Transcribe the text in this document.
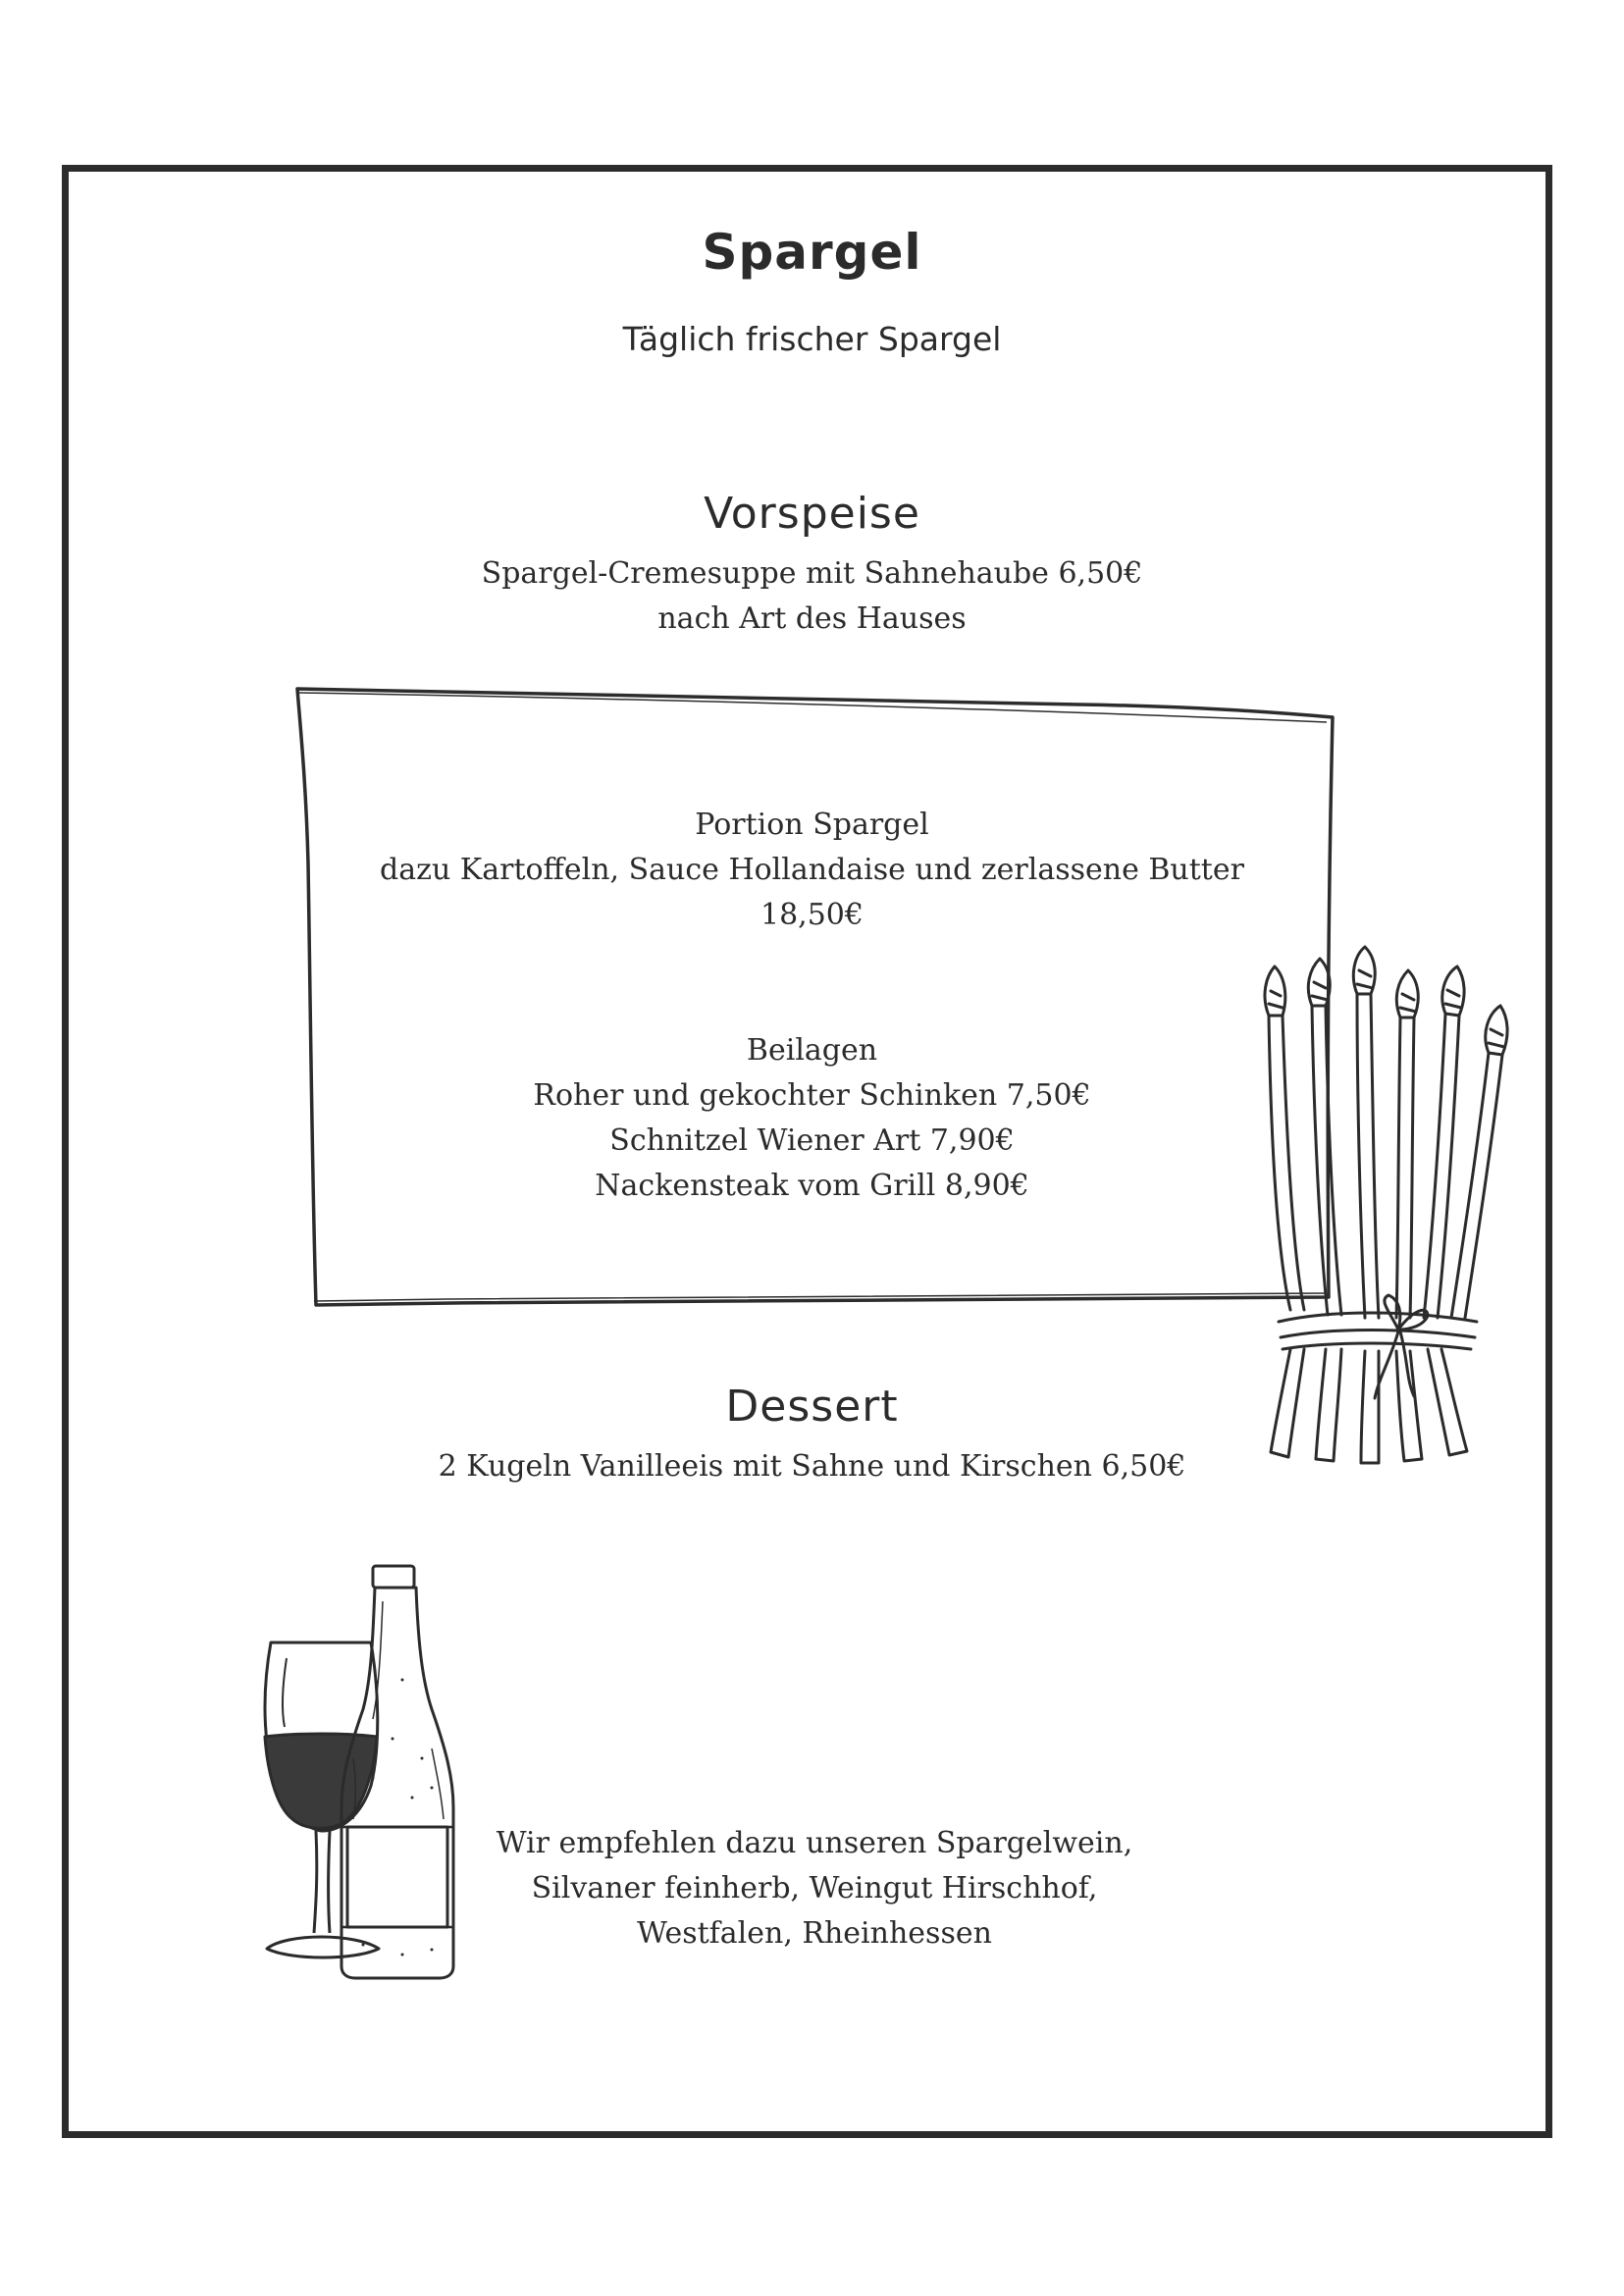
Spargel
Täglich frischer Spargel
Vorspeise
Spargel-Cremesuppe mit Sahnehaube 6,50€
nach Art des Hauses
Portion Spargel
dazu Kartoffeln, Sauce Hollandaise und zerlassene Butter
18,50€
Beilagen
Roher und gekochter Schinken 7,50€
Schnitzel Wiener Art 7,90€
Nackensteak vom Grill 8,90€
Dessert
2 Kugeln Vanilleeis mit Sahne und Kirschen 6,50€
Wir empfehlen dazu unseren Spargelwein,
Silvaner feinherb, Weingut Hirschhof,
Westfalen, Rheinhessen
